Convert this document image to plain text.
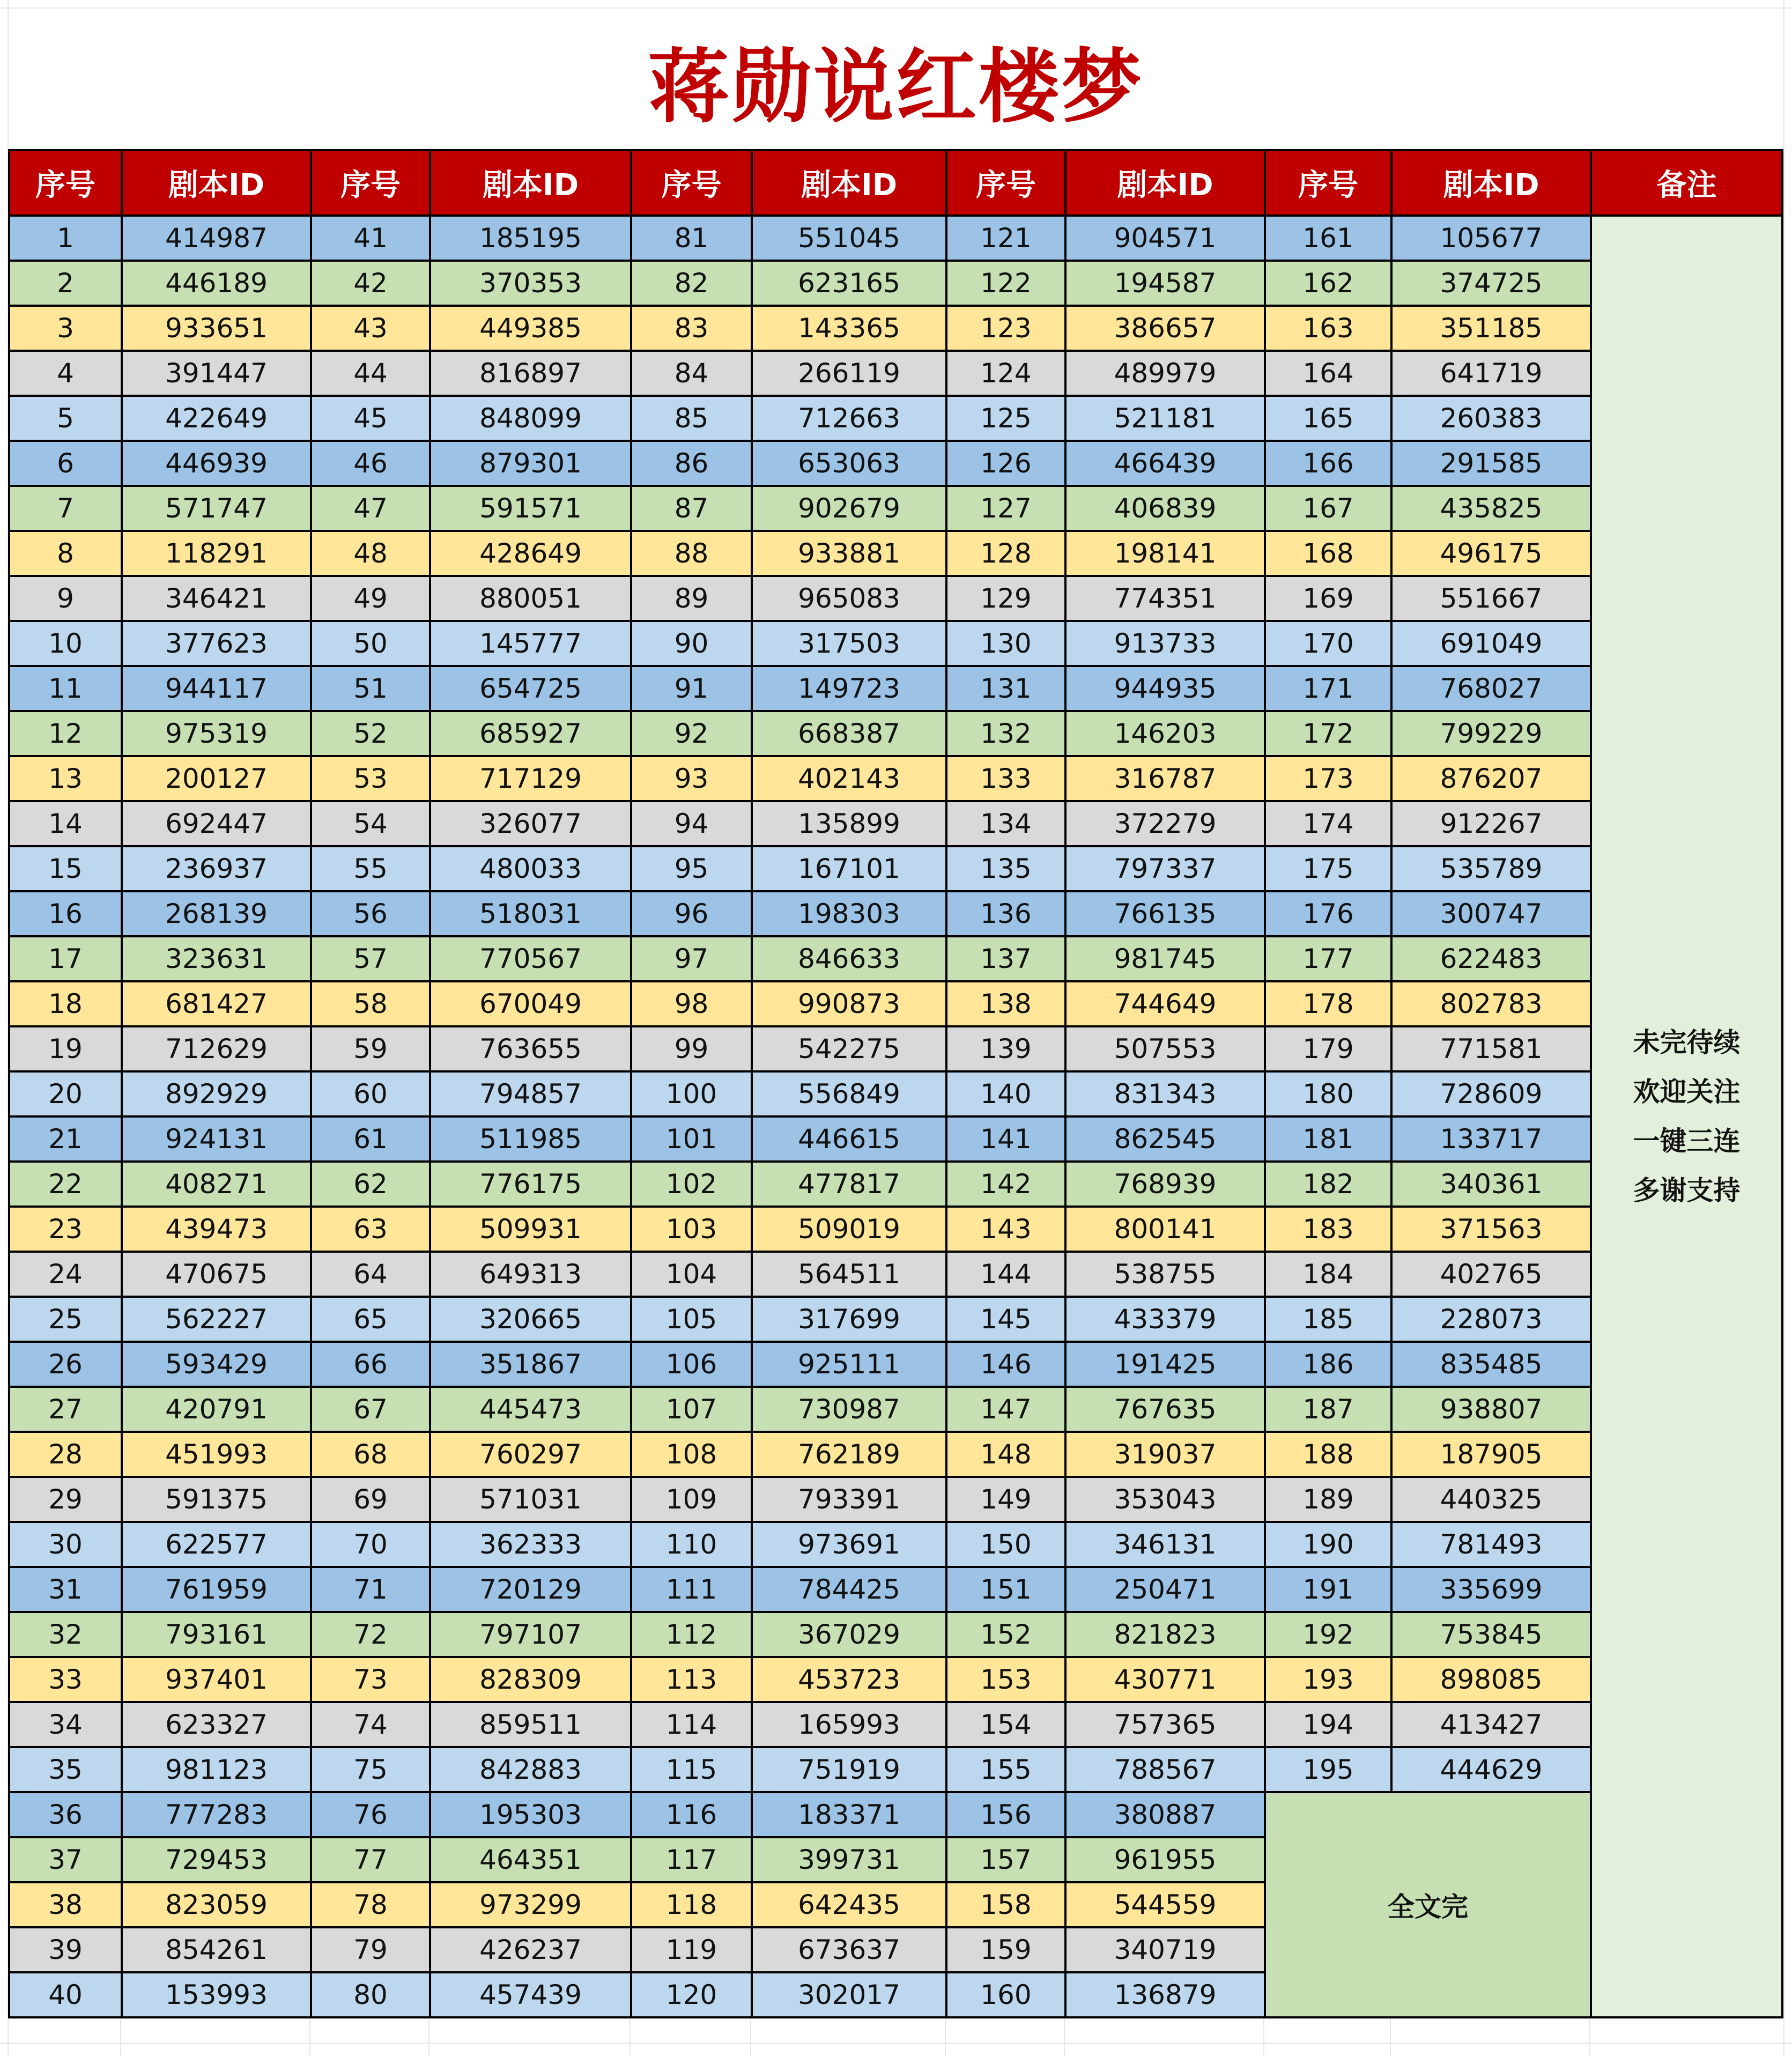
蒋勋说红楼梦
序号	剧本ID	序号	剧本ID	序号	剧本ID	序号	剧本ID	序号	剧本ID	备注
1	414987	41	185195	81	551045	121	904571	161	105677	未完待续
欢迎关注
一键三连
多谢支持

2	446189	42	370353	82	623165	122	194587	162	374725	
3	933651	43	449385	83	143365	123	386657	163	351185	
4	391447	44	816897	84	266119	124	489979	164	641719	
5	422649	45	848099	85	712663	125	521181	165	260383	
6	446939	46	879301	86	653063	126	466439	166	291585	
7	571747	47	591571	87	902679	127	406839	167	435825	
8	118291	48	428649	88	933881	128	198141	168	496175	
9	346421	49	880051	89	965083	129	774351	169	551667	
10	377623	50	145777	90	317503	130	913733	170	691049	
11	944117	51	654725	91	149723	131	944935	171	768027	
12	975319	52	685927	92	668387	132	146203	172	799229	
13	200127	53	717129	93	402143	133	316787	173	876207	
14	692447	54	326077	94	135899	134	372279	174	912267	
15	236937	55	480033	95	167101	135	797337	175	535789	
16	268139	56	518031	96	198303	136	766135	176	300747	
17	323631	57	770567	97	846633	137	981745	177	622483	
18	681427	58	670049	98	990873	138	744649	178	802783	
19	712629	59	763655	99	542275	139	507553	179	771581	
20	892929	60	794857	100	556849	140	831343	180	728609	
21	924131	61	511985	101	446615	141	862545	181	133717	
22	408271	62	776175	102	477817	142	768939	182	340361	
23	439473	63	509931	103	509019	143	800141	183	371563	
24	470675	64	649313	104	564511	144	538755	184	402765	
25	562227	65	320665	105	317699	145	433379	185	228073	
26	593429	66	351867	106	925111	146	191425	186	835485	
27	420791	67	445473	107	730987	147	767635	187	938807	
28	451993	68	760297	108	762189	148	319037	188	187905	
29	591375	69	571031	109	793391	149	353043	189	440325	
30	622577	70	362333	110	973691	150	346131	190	781493	
31	761959	71	720129	111	784425	151	250471	191	335699	
32	793161	72	797107	112	367029	152	821823	192	753845	
33	937401	73	828309	113	453723	153	430771	193	898085	
34	623327	74	859511	114	165993	154	757365	194	413427	
35	981123	75	842883	115	751919	155	788567	195	444629	
36	777283	76	195303	116	183371	156	380887	全文完		
37	729453	77	464351	117	399731	157	961955			
38	823059	78	973299	118	642435	158	544559			
39	854261	79	426237	119	673637	159	340719			
40	153993	80	457439	120	302017	160	136879			
